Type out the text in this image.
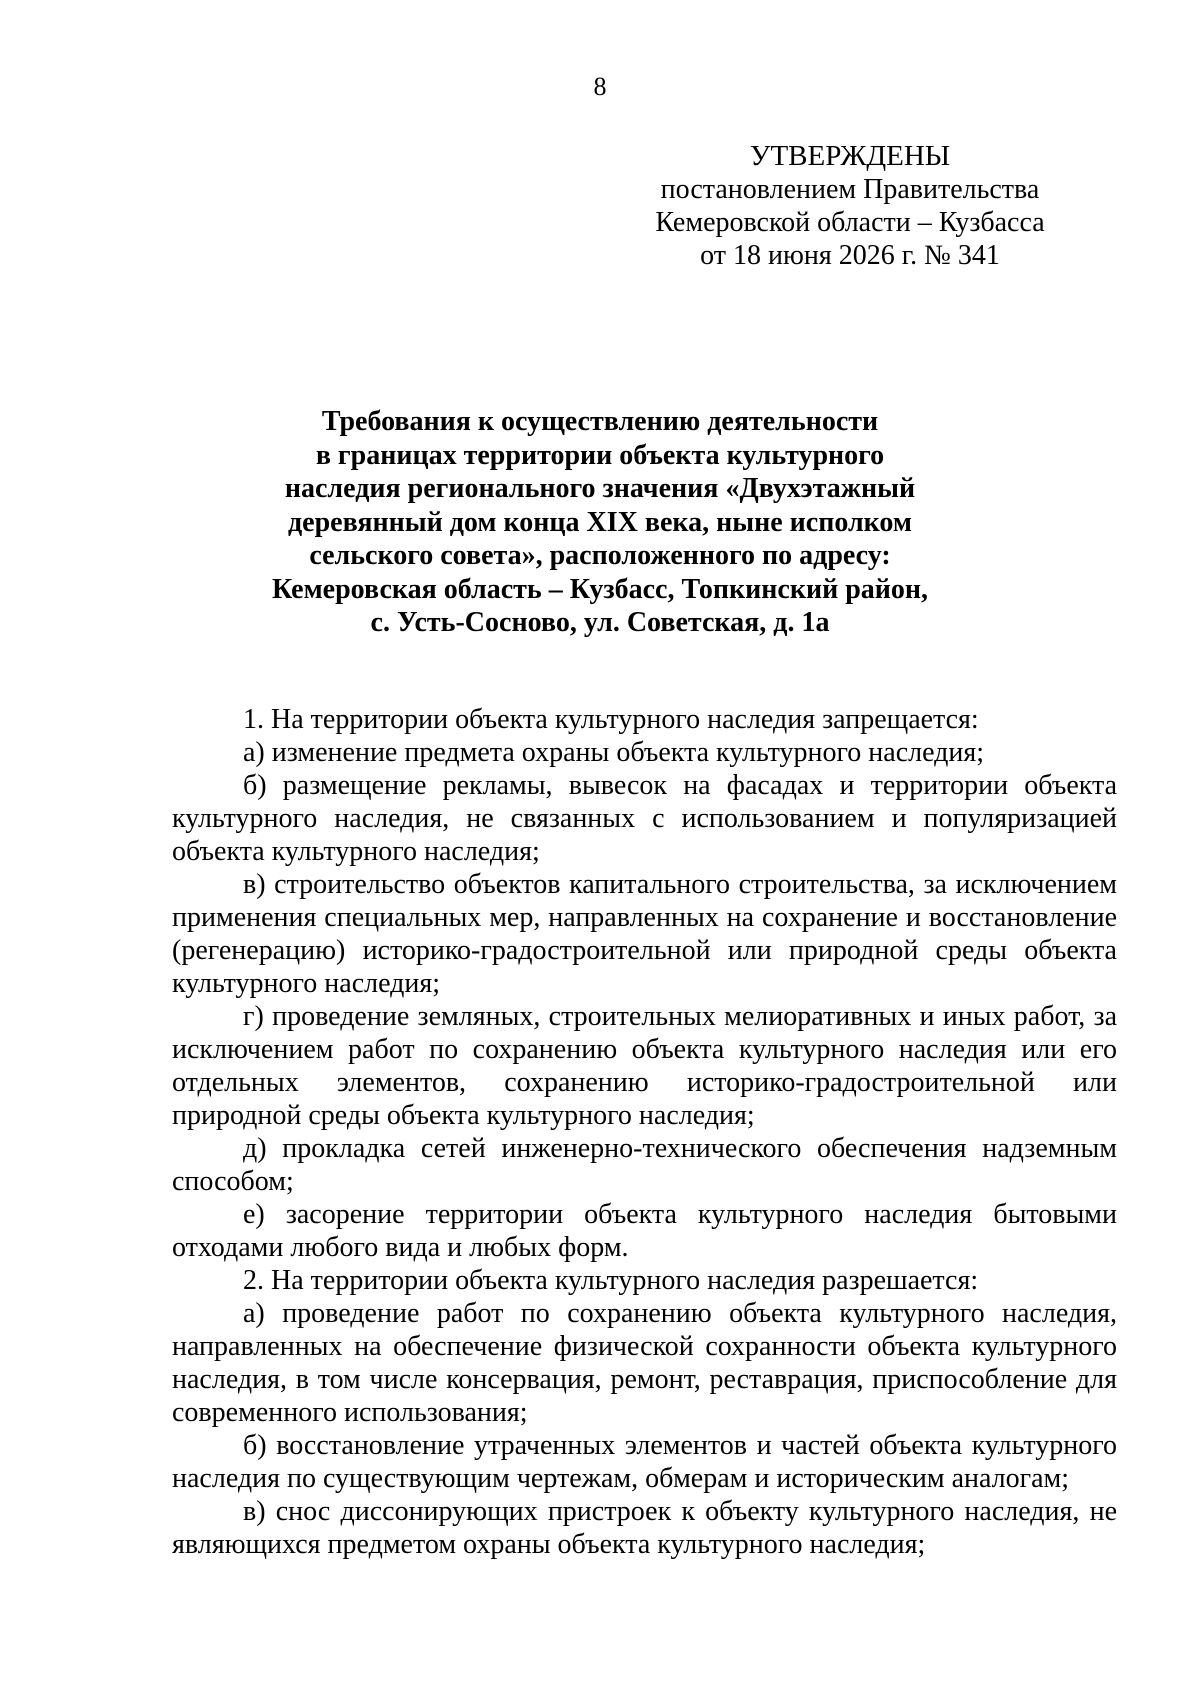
8
УТВЕРЖДЕНЫ
постановлением Правительства
Кемеровской области – Кузбасса
от 18 июня 2026 г. № 341
Требования к осуществлению деятельности
в границах территории объекта культурного
наследия регионального значения «Двухэтажный
деревянный дом конца XIX века, ныне исполком
сельского совета», расположенного по адресу:
Кемеровская область – Кузбасс, Топкинский район,
с. Усть-Сосново, ул. Советская, д. 1а

1. На территории объекта культурного наследия запрещается:

а) изменение предмета охраны объекта культурного наследия;

б) размещение рекламы, вывесок на фасадах и территории объекта культурного наследия, не связанных с использованием и популяризацией объекта культурного наследия;

в) строительство объектов капитального строительства, за исключением применения специальных мер, направленных на сохранение и восстановление (регенерацию) историко-градостроительной или природной среды объекта культурного наследия;

г) проведение земляных, строительных мелиоративных и иных работ, за исключением работ по сохранению объекта культурного наследия или его отдельных элементов, сохранению историко-градостроительной или природной среды объекта культурного наследия;

д) прокладка сетей инженерно-технического обеспечения надземным способом;

е) засорение территории объекта культурного наследия бытовыми отходами любого вида и любых форм.

2. На территории объекта культурного наследия разрешается:

а) проведение работ по сохранению объекта культурного наследия, направленных на обеспечение физической сохранности объекта культурного наследия, в том числе консервация, ремонт, реставрация, приспособление для современного использования;

б) восстановление утраченных элементов и частей объекта культурного наследия по существующим чертежам, обмерам и историческим аналогам;

в) снос диссонирующих пристроек к объекту культурного наследия, не являющихся предметом охраны объекта культурного наследия;
